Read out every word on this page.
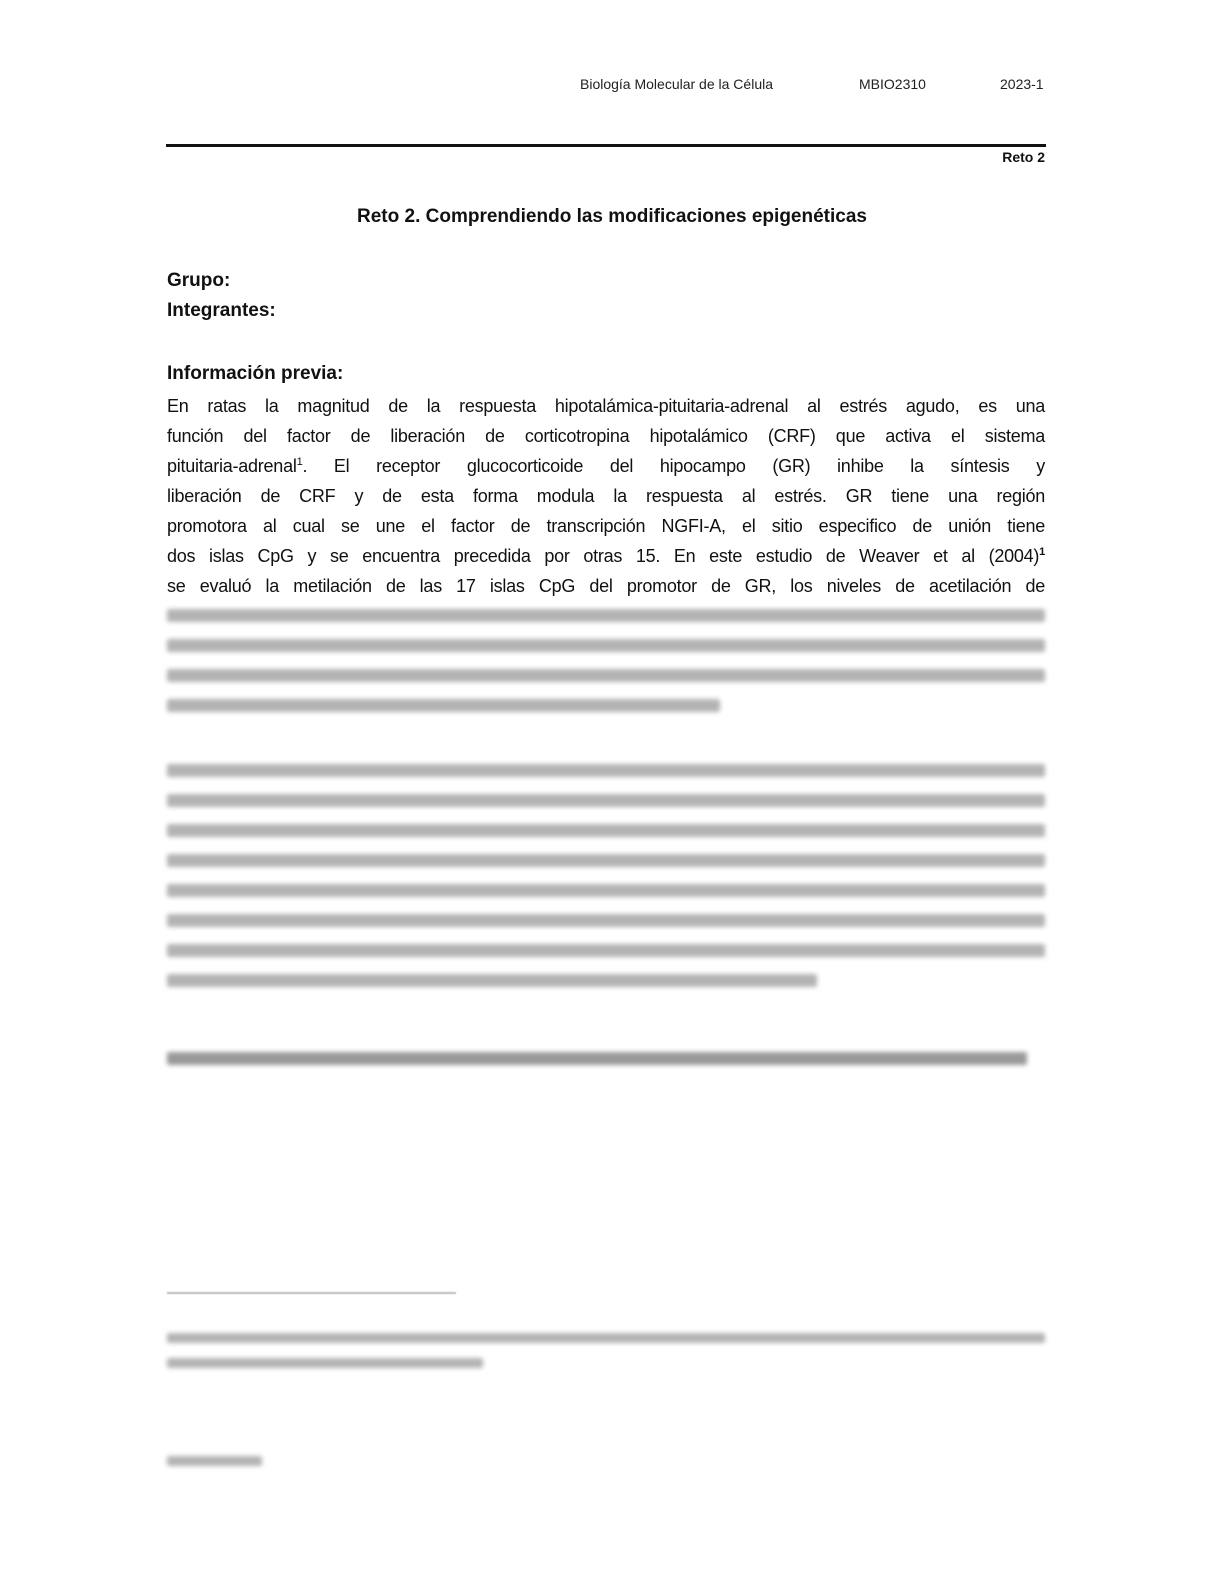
Biología Molecular de la Célula	MBIO2310	2023-1
Reto 2
Reto 2. Comprendiendo las modificaciones epigenéticas
Grupo:
Integrantes:
Información previa:
En ratas la magnitud de la respuesta hipotalámica-pituitaria-adrenal al estrés agudo, es una
función del factor de liberación de corticotropina hipotalámico (CRF) que activa el sistema
pituitaria-adrenal$^1$. El receptor glucocorticoide del hipocampo (GR) inhibe la síntesis y
liberación de CRF y de esta forma modula la respuesta al estrés. GR tiene una región
promotora al cual se une el factor de transcripción NGFI-A, el sitio especifico de unión tiene
dos islas CpG y se encuentra precedida por otras 15. En este estudio de Weaver et al $(2004)^1$
se evaluó la metilación de las 17 islas CpG del promotor de GR, los niveles de acetilación de
